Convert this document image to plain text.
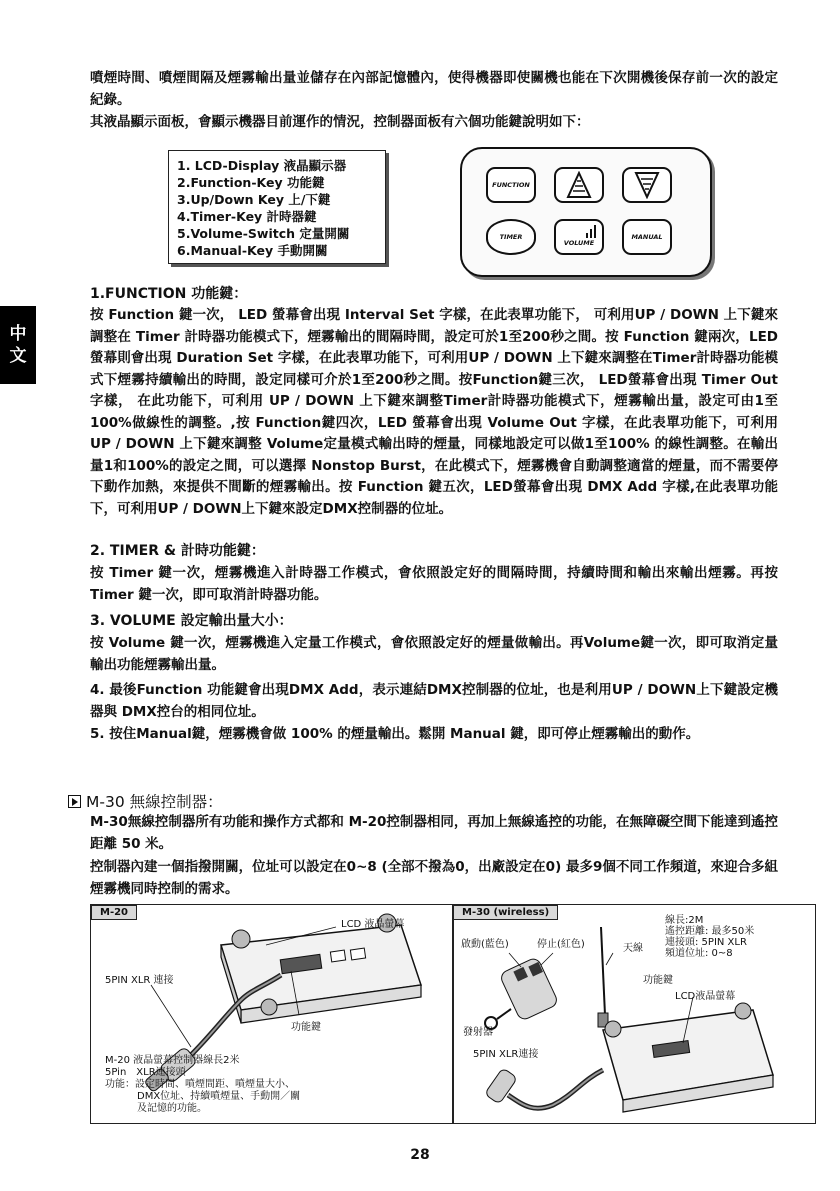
噴煙時間、噴煙間隔及煙霧輸出量並儲存在內部記憶體內，使得機器即使關機也能在下次開機後保存前一次的設定紀錄。

其液晶顯示面板，會顯示機器目前運作的情況，控制器面板有六個功能鍵說明如下：

中
文
1. LCD-Display 液晶顯示器
2.Function-Key 功能鍵
3.Up/Down Key 上/下鍵
4.Timer-Key 計時器鍵
5.Volume-Switch 定量開關
6.Manual-Key 手動開關
FUNCTION
TIMER
VOLUME
MANUAL

1.FUNCTION 功能鍵：

按 Function 鍵一次， LED 螢幕會出現 Interval Set 字樣，在此表單功能下， 可利用UP / DOWN 上下鍵來調整在 Timer 計時器功能模式下，煙霧輸出的間隔時間，設定可於1至200秒之間。按 Function 鍵兩次，LED 螢幕則會出現 Duration Set 字樣，在此表單功能下，可利用UP / DOWN 上下鍵來調整在Timer計時器功能模式下煙霧持續輸出的時間，設定同樣可介於1至200秒之間。按Function鍵三次， LED螢幕會出現 Timer Out 字樣， 在此功能下，可利用 UP / DOWN 上下鍵來調整Timer計時器功能模式下，煙霧輸出量，設定可由1至100%做線性的調整。,按 Function鍵四次，LED 螢幕會出現 Volume Out 字樣，在此表單功能下，可利用 UP / DOWN 上下鍵來調整 Volume定量模式輸出時的煙量，同樣地設定可以做1至100% 的線性調整。在輸出量1和100%的設定之間，可以選擇 Nonstop Burst，在此模式下，煙霧機會自動調整適當的煙量，而不需要停下動作加熱，來提供不間斷的煙霧輸出。按 Function 鍵五次，LED螢幕會出現 DMX Add 字樣,在此表單功能下，可利用UP / DOWN上下鍵來設定DMX控制器的位址。

2. TIMER & 計時功能鍵：

按 Timer 鍵一次，煙霧機進入計時器工作模式，會依照設定好的間隔時間，持續時間和輸出來輸出煙霧。再按 Timer 鍵一次，即可取消計時器功能。

3. VOLUME 設定輸出量大小：

按 Volume 鍵一次，煙霧機進入定量工作模式，會依照設定好的煙量做輸出。再Volume鍵一次，即可取消定量輸出功能煙霧輸出量。

4. 最後Function 功能鍵會出現DMX Add，表示連結DMX控制器的位址，也是利用UP / DOWN上下鍵設定機器與 DMX控台的相同位址。

5. 按住Manual鍵，煙霧機會做 100% 的煙量輸出。鬆開 Manual 鍵，即可停止煙霧輸出的動作。

M-30 無線控制器：

M-30無線控制器所有功能和操作方式都和 M-20控制器相同，再加上無線遙控的功能，在無障礙空間下能達到遙控距離 50 米。

控制器內建一個指撥開關，位址可以設定在0~8 (全部不撥為0，出廠設定在0) 最多9個不同工作頻道，來迎合多組煙霧機同時控制的需求。

M-20
LCD 液晶螢幕
5PIN XLR 連接
功能鍵
M-20 液晶螢幕控制器線長2米
5Pin　XLR連接頭
功能：設定時間、噴煙間距、噴煙量大小、
DMX位址、持續噴煙量、手動開／關
及記憶的功能。
M-30 (wireless)
線長:2M
遙控距離: 最多50米
連接頭: 5PIN XLR
頻道位址: 0~8
啟動(藍色)	停止(紅色)	天線
功能鍵
LCD液晶螢幕
發射器
5PIN XLR連接
28
